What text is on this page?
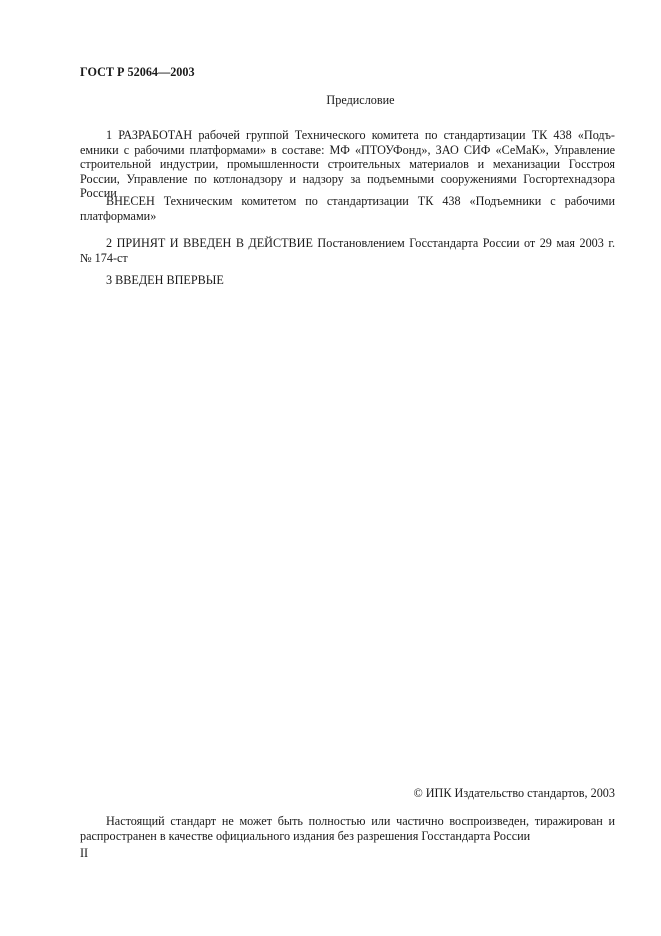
ГОСТ Р 52064—2003
Предисловие
1 РАЗРАБОТАН рабочей группой Технического комитета по стандартизации ТК 438 «Подъ-
емники с рабочими платформами» в составе: МФ «ПТОУФонд», ЗАО СИФ «СеМаК», Управление
строительной индустрии, промышленности строительных материалов и механизации Госстроя
России, Управление по котлонадзору и надзору за подъемными сооружениями Госгортехнадзора
России
ВНЕСЕН Техническим комитетом по стандартизации ТК 438 «Подъемники с рабочими
платформами»
2 ПРИНЯТ И ВВЕДЕН В ДЕЙСТВИЕ Постановлением Госстандарта России от 29 мая 2003 г.
№ 174-ст
3 ВВЕДЕН ВПЕРВЫЕ
© ИПК Издательство стандартов, 2003
Настоящий стандарт не может быть полностью или частично воспроизведен, тиражирован и
распространен в качестве официального издания без разрешения Госстандарта России
II
